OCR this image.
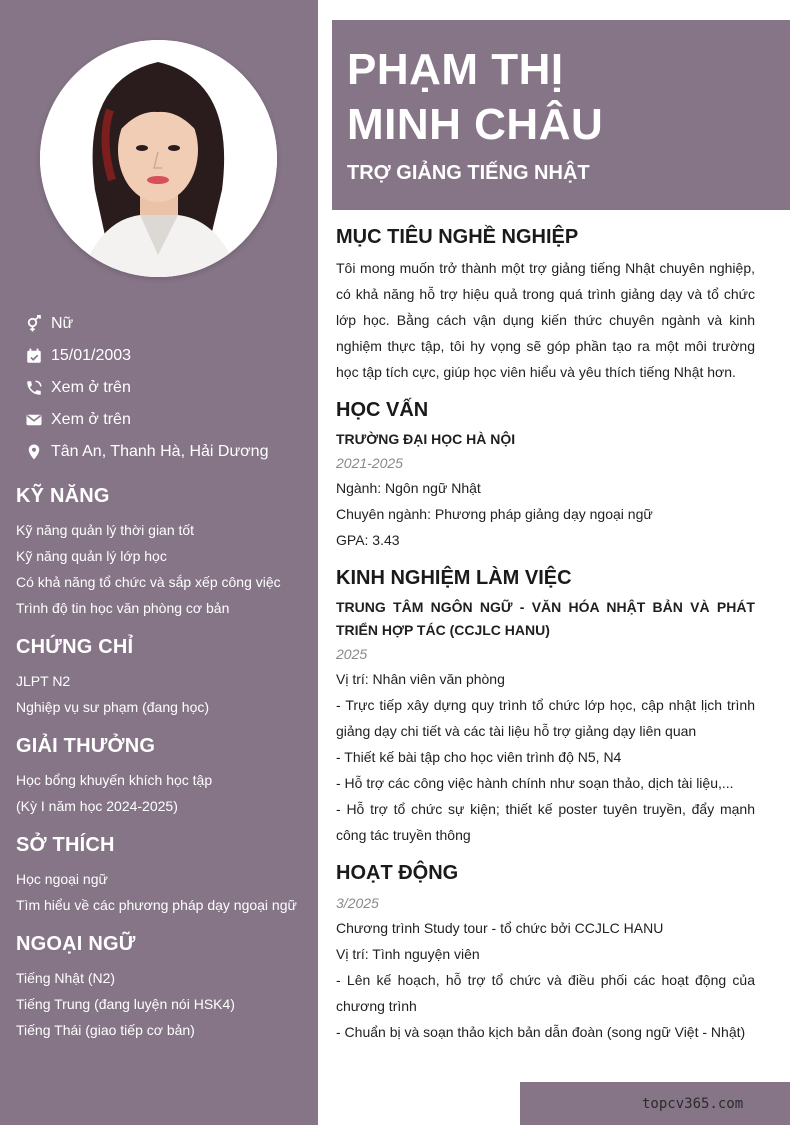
Nữ
15/01/2003
Xem ở trên
Xem ở trên
Tân An, Thanh Hà, Hải Dương
KỸ NĂNG
Kỹ năng quản lý thời gian tốt
Kỹ năng quản lý lớp học
Có khả năng tổ chức và sắp xếp công việc
Trình độ tin học văn phòng cơ bản
CHỨNG CHỈ
JLPT N2
Nghiệp vụ sư phạm (đang học)
GIẢI THƯỞNG
Học bổng khuyến khích học tập
(Kỳ I năm học 2024-2025)
SỞ THÍCH
Học ngoại ngữ
Tìm hiểu về các phương pháp dạy ngoại ngữ
NGOẠI NGỮ
Tiếng Nhật (N2)
Tiếng Trung (đang luyện nói HSK4)
Tiếng Thái (giao tiếp cơ bản)
PHẠM THỊ
MINH CHÂU
TRỢ GIẢNG TIẾNG NHẬT
MỤC TIÊU NGHỀ NGHIỆP
Tôi mong muốn trở thành một trợ giảng tiếng Nhật chuyên nghiệp, có khả năng hỗ trợ hiệu quả trong quá trình giảng dạy và tổ chức lớp học. Bằng cách vận dụng kiến thức chuyên ngành và kinh nghiệm thực tập, tôi hy vọng sẽ góp phần tạo ra một môi trường học tập tích cực, giúp học viên hiểu và yêu thích tiếng Nhật hơn.
HỌC VẤN
TRƯỜNG ĐẠI HỌC HÀ NỘI
2021-2025
Ngành: Ngôn ngữ Nhật
Chuyên ngành: Phương pháp giảng dạy ngoại ngữ
GPA: 3.43
KINH NGHIỆM LÀM VIỆC
TRUNG TÂM NGÔN NGỮ - VĂN HÓA NHẬT BẢN VÀ PHÁT TRIỂN HỢP TÁC (CCJLC HANU)
2025
Vị trí: Nhân viên văn phòng
- Trực tiếp xây dựng quy trình tổ chức lớp học, cập nhật lịch trình giảng dạy chi tiết và các tài liệu hỗ trợ giảng dạy liên quan
- Thiết kế bài tập cho học viên trình độ N5, N4
- Hỗ trợ các công việc hành chính như soạn thảo, dịch tài liệu,...
- Hỗ trợ tổ chức sự kiện; thiết kế poster tuyên truyền, đẩy mạnh công tác truyền thông
HOẠT ĐỘNG
3/2025
Chương trình Study tour - tổ chức bởi CCJLC HANU
Vị trí: Tình nguyện viên
- Lên kế hoạch, hỗ trợ tổ chức và điều phối các hoạt động của chương trình
- Chuẩn bị và soạn thảo kịch bản dẫn đoàn (song ngữ Việt - Nhật)
topcv365.com
